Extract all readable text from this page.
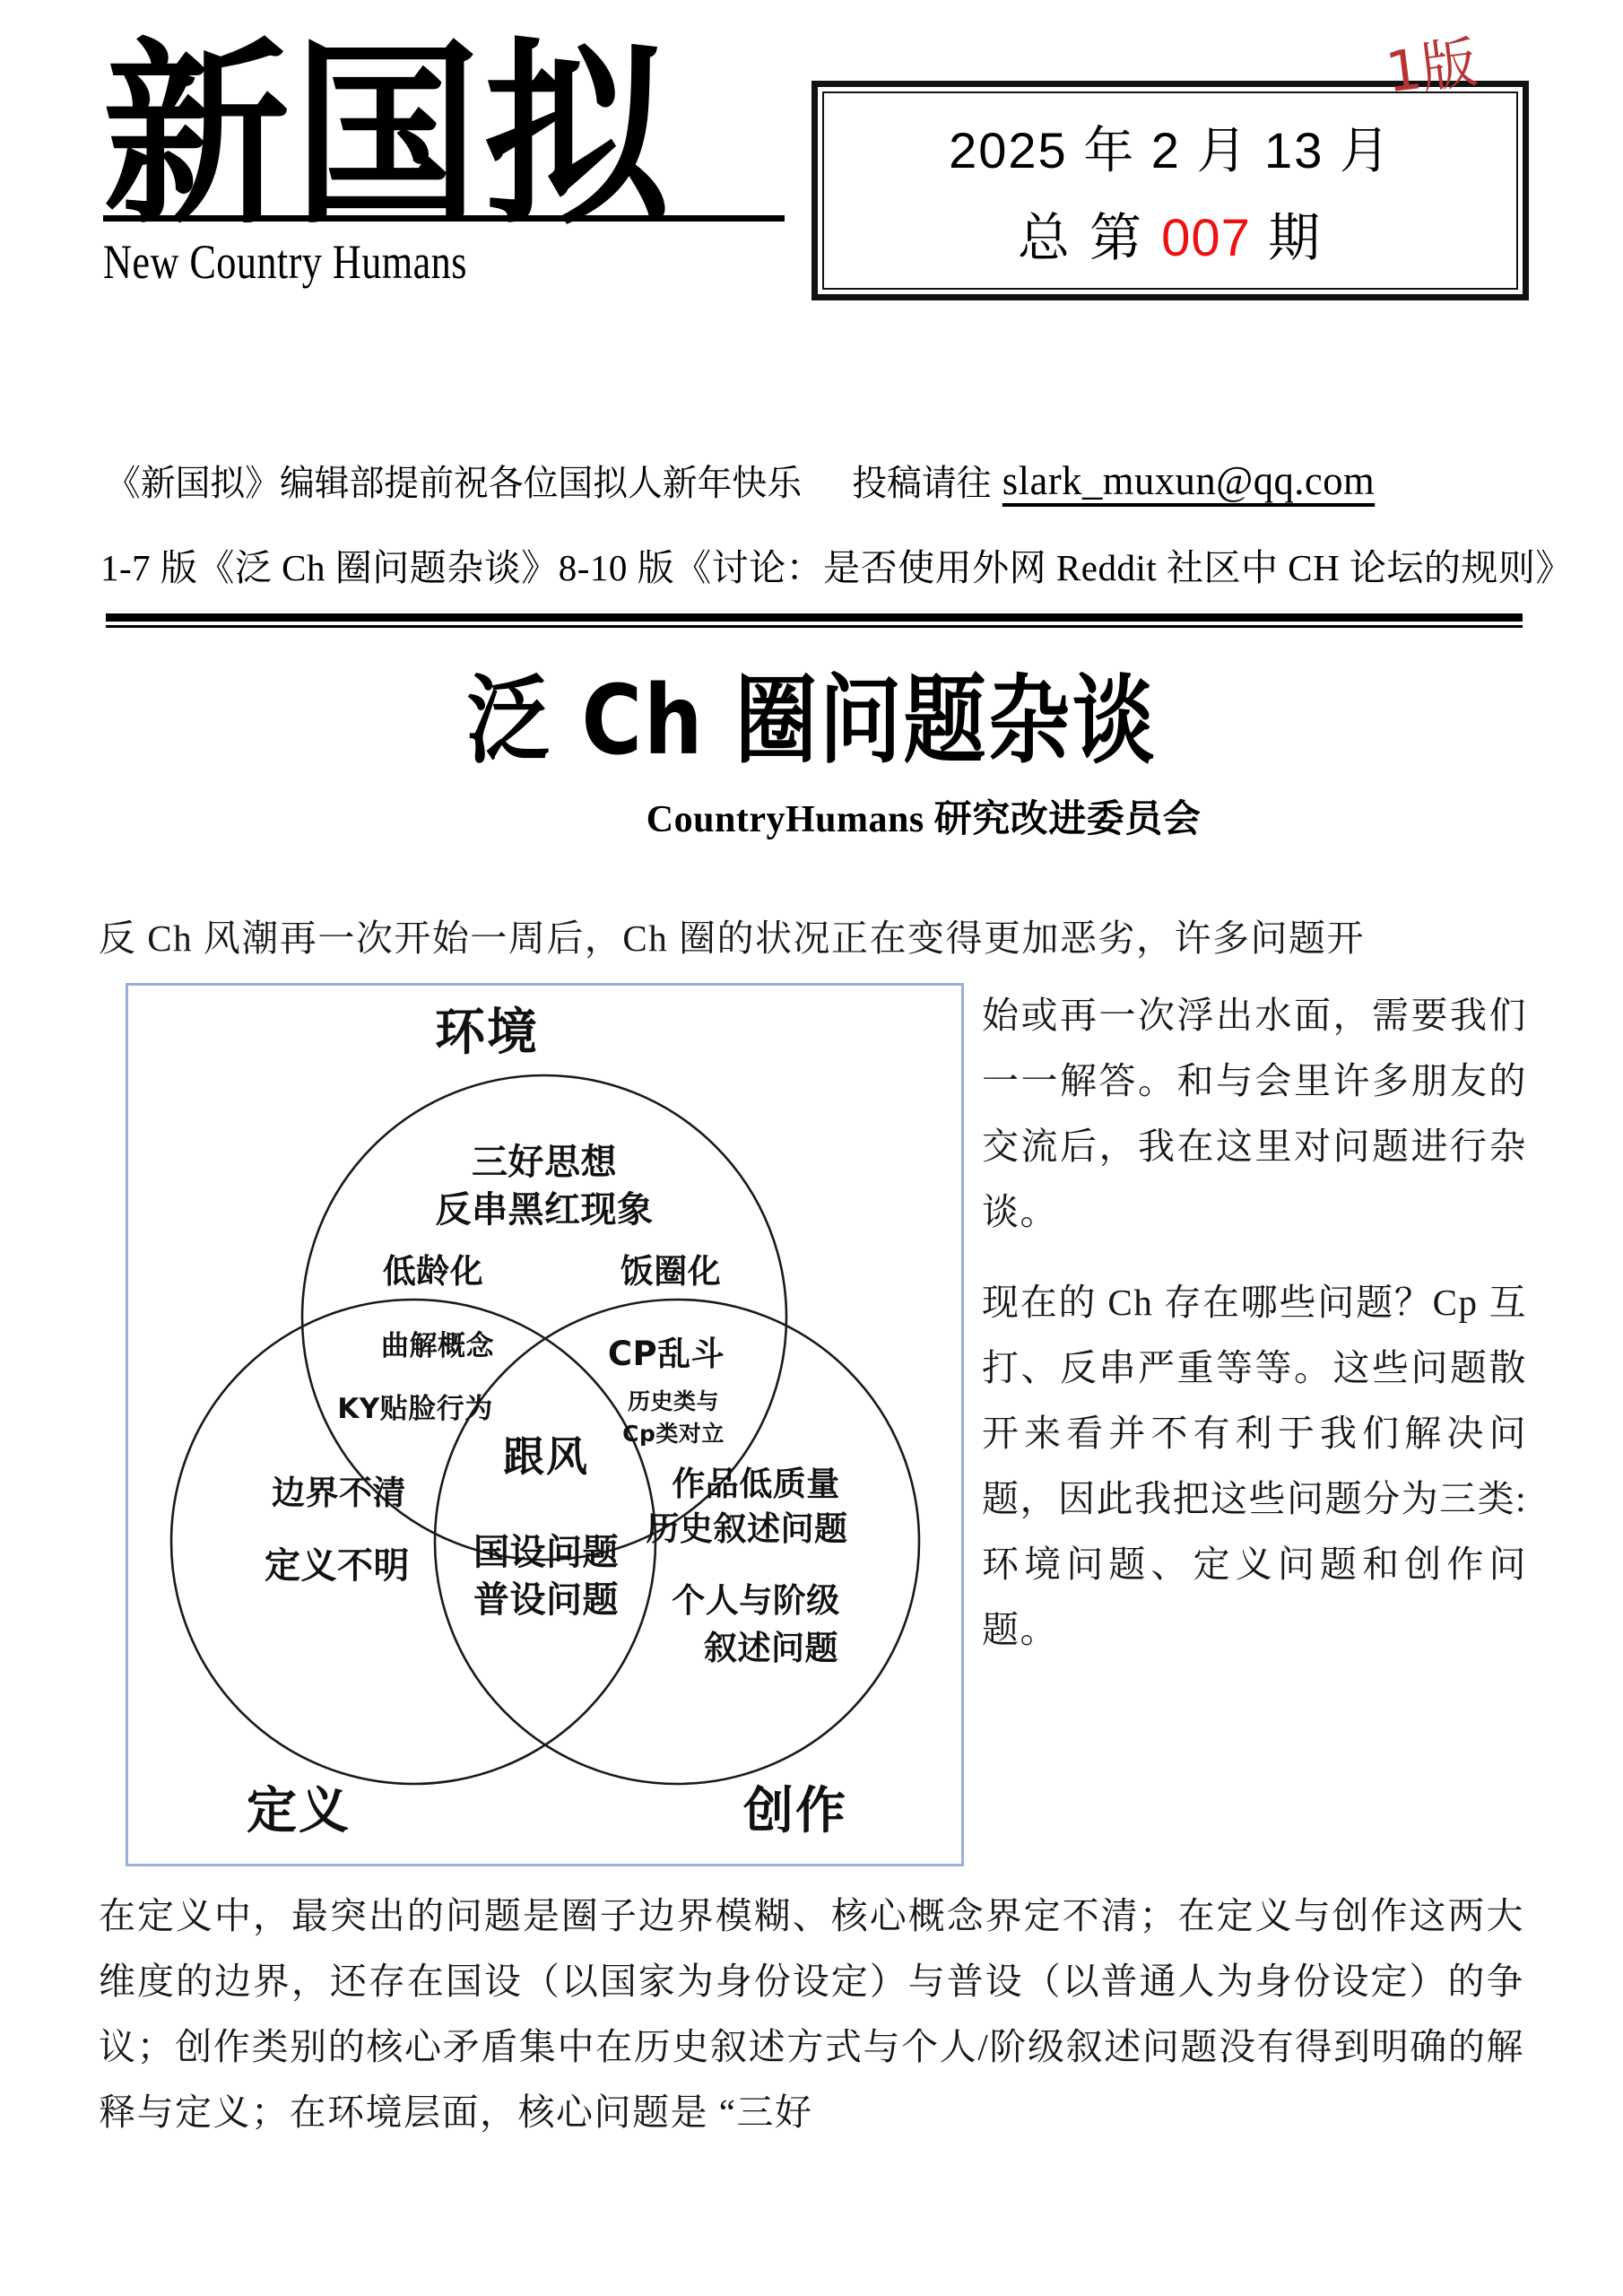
新国拟
New Country Humans
2025 年 2 月 13 月
总 第 007 期
1版
《新国拟》编辑部提前祝各位国拟人新年快乐 投稿请往
slark_muxun@qq.com
1-7 版《泛 Ch 圈问题杂谈》 8-10 版《讨论：是否使用外网 Reddit 社区中 CH 论坛的规则》
泛 Ch 圈问题杂谈
CountryHumans 研究改进委员会
反 Ch 风潮再一次开始一周后，Ch 圈的状况正在变得更加恶劣，许多问题开
环境
定义	创作
三好思想
反串黑红现象
低龄化	饭圈化
曲解概念
KY贴脸行为
CP乱斗
历史类与
Cp类对立
跟风
边界不清
定义不明 国设问题
普设问题
作品低质量
历史叙述问题
个人与阶级
叙述问题

始或再一次浮出水面，需要我们一一解答。和与会里许多朋友的交流后，我在这里对问题进行杂谈。

现在的 Ch 存在哪些问题？Cp 互打、反串严重等等。这些问题散开来看并不有利于我们解决问题，因此我把这些问题分为三类:环境问题、定义问题和创作问题。

在定义中，最突出的问题是圈子边界模糊、核心概念界定不清；在定义与创作这两大维度的边界，还存在国设（以国家为身份设定）与普设（以普通人为身份设定）的争议；创作类别的核心矛盾集中在历史叙述方式与个人/阶级叙述问题没有得到明确的解释与定义；在环境层面，核心问题是 “三好
